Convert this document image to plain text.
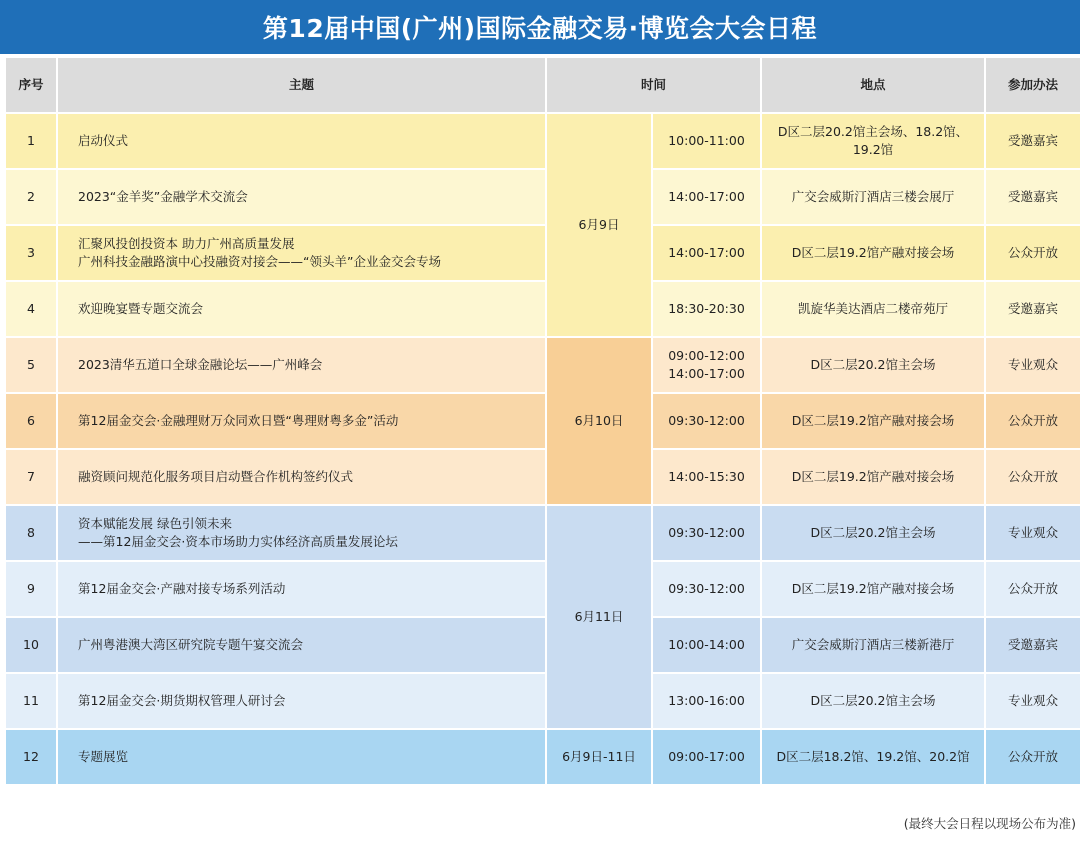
第12届中国(广州)国际金融交易·博览会大会日程
序号	主题	时间		地点	参加办法
1	启动仪式	6月9日	10:00-11:00	D区二层20.2馆主会场、18.2馆、19.2馆	受邀嘉宾
2	2023“金羊奖”金融学术交流会		14:00-17:00	广交会威斯汀酒店三楼会展厅	受邀嘉宾
3	汇聚风投创投资本 助力广州高质量发展
广州科技金融路演中心投融资对接会——“领头羊”企业金交会专场		14:00-17:00	D区二层19.2馆产融对接会场	公众开放
4	欢迎晚宴暨专题交流会		18:30-20:30	凯旋华美达酒店二楼帝苑厅	受邀嘉宾
5	2023清华五道口全球金融论坛——广州峰会	6月10日	09:00-12:00
14:00-17:00	D区二层20.2馆主会场	专业观众
6	第12届金交会·金融理财万众同欢日暨“粤理财粤多金”活动		09:30-12:00	D区二层19.2馆产融对接会场	公众开放
7	融资顾问规范化服务项目启动暨合作机构签约仪式		14:00-15:30	D区二层19.2馆产融对接会场	公众开放
8	资本赋能发展 绿色引领未来
——第12届金交会·资本市场助力实体经济高质量发展论坛	6月11日	09:30-12:00	D区二层20.2馆主会场	专业观众
9	第12届金交会·产融对接专场系列活动		09:30-12:00	D区二层19.2馆产融对接会场	公众开放
10	广州粤港澳大湾区研究院专题午宴交流会		10:00-14:00	广交会威斯汀酒店三楼新港厅	受邀嘉宾
11	第12届金交会·期货期权管理人研讨会		13:00-16:00	D区二层20.2馆主会场	专业观众
12	专题展览	6月9日-11日	09:00-17:00	D区二层18.2馆、19.2馆、20.2馆	公众开放
(最终大会日程以现场公布为准)
